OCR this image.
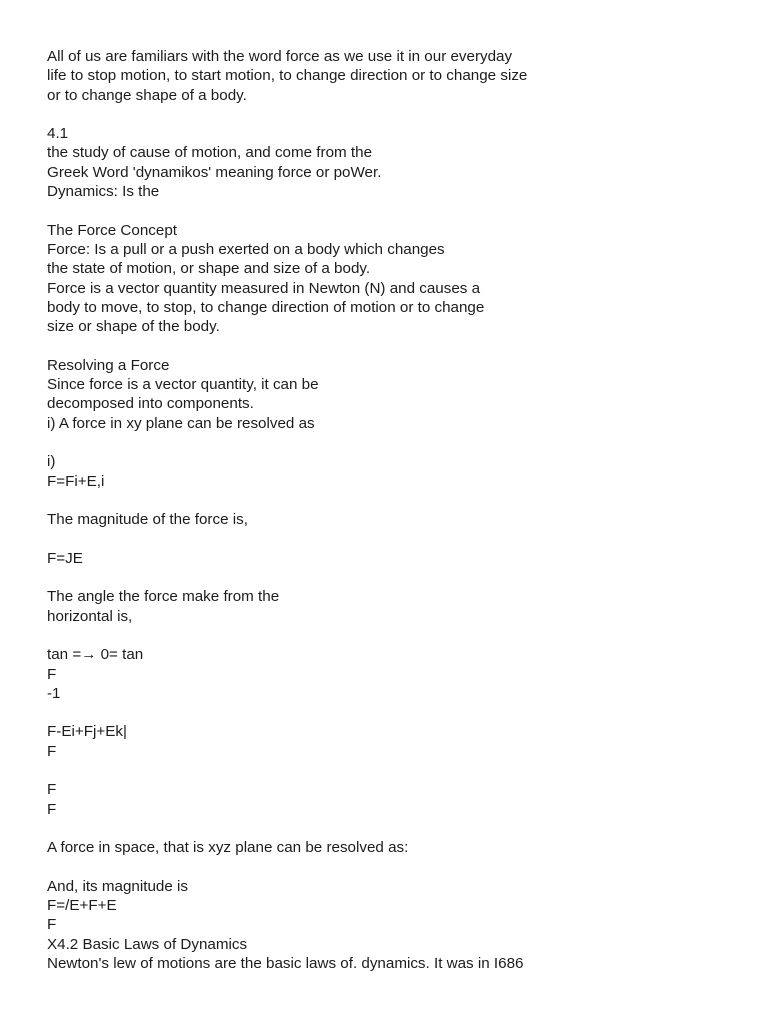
All of us are familiars with the word force as we use it in our everyday
life to stop motion, to start motion, to change direction or to change size
or to change shape of a body.
4.1
the study of cause of motion, and come from the
Greek Word 'dynamikos' meaning force or poWer.
Dynamics: Is the
The Force Concept
Force: Is a pull or a push exerted on a body which changes
the state of motion, or shape and size of a body.
Force is a vector quantity measured in Newton (N) and causes a
body to move, to stop, to change direction of motion or to change
size or shape of the body.
Resolving a Force
Since force is a vector quantity, it can be
decomposed into components.
i) A force in xy plane can be resolved as
i)
F=Fi+E,i
The magnitude of the force is,
F=JE
The angle the force make from the
horizontal is,
tan =→ 0= tan
F
-1
F-Ei+Fj+Ek|
F
F
F
A force in space, that is xyz plane can be resolved as:
And, its magnitude is
F=/E+F+E
F
X4.2 Basic Laws of Dynamics
Newton's lew of motions are the basic laws of. dynamics. It was in I686
